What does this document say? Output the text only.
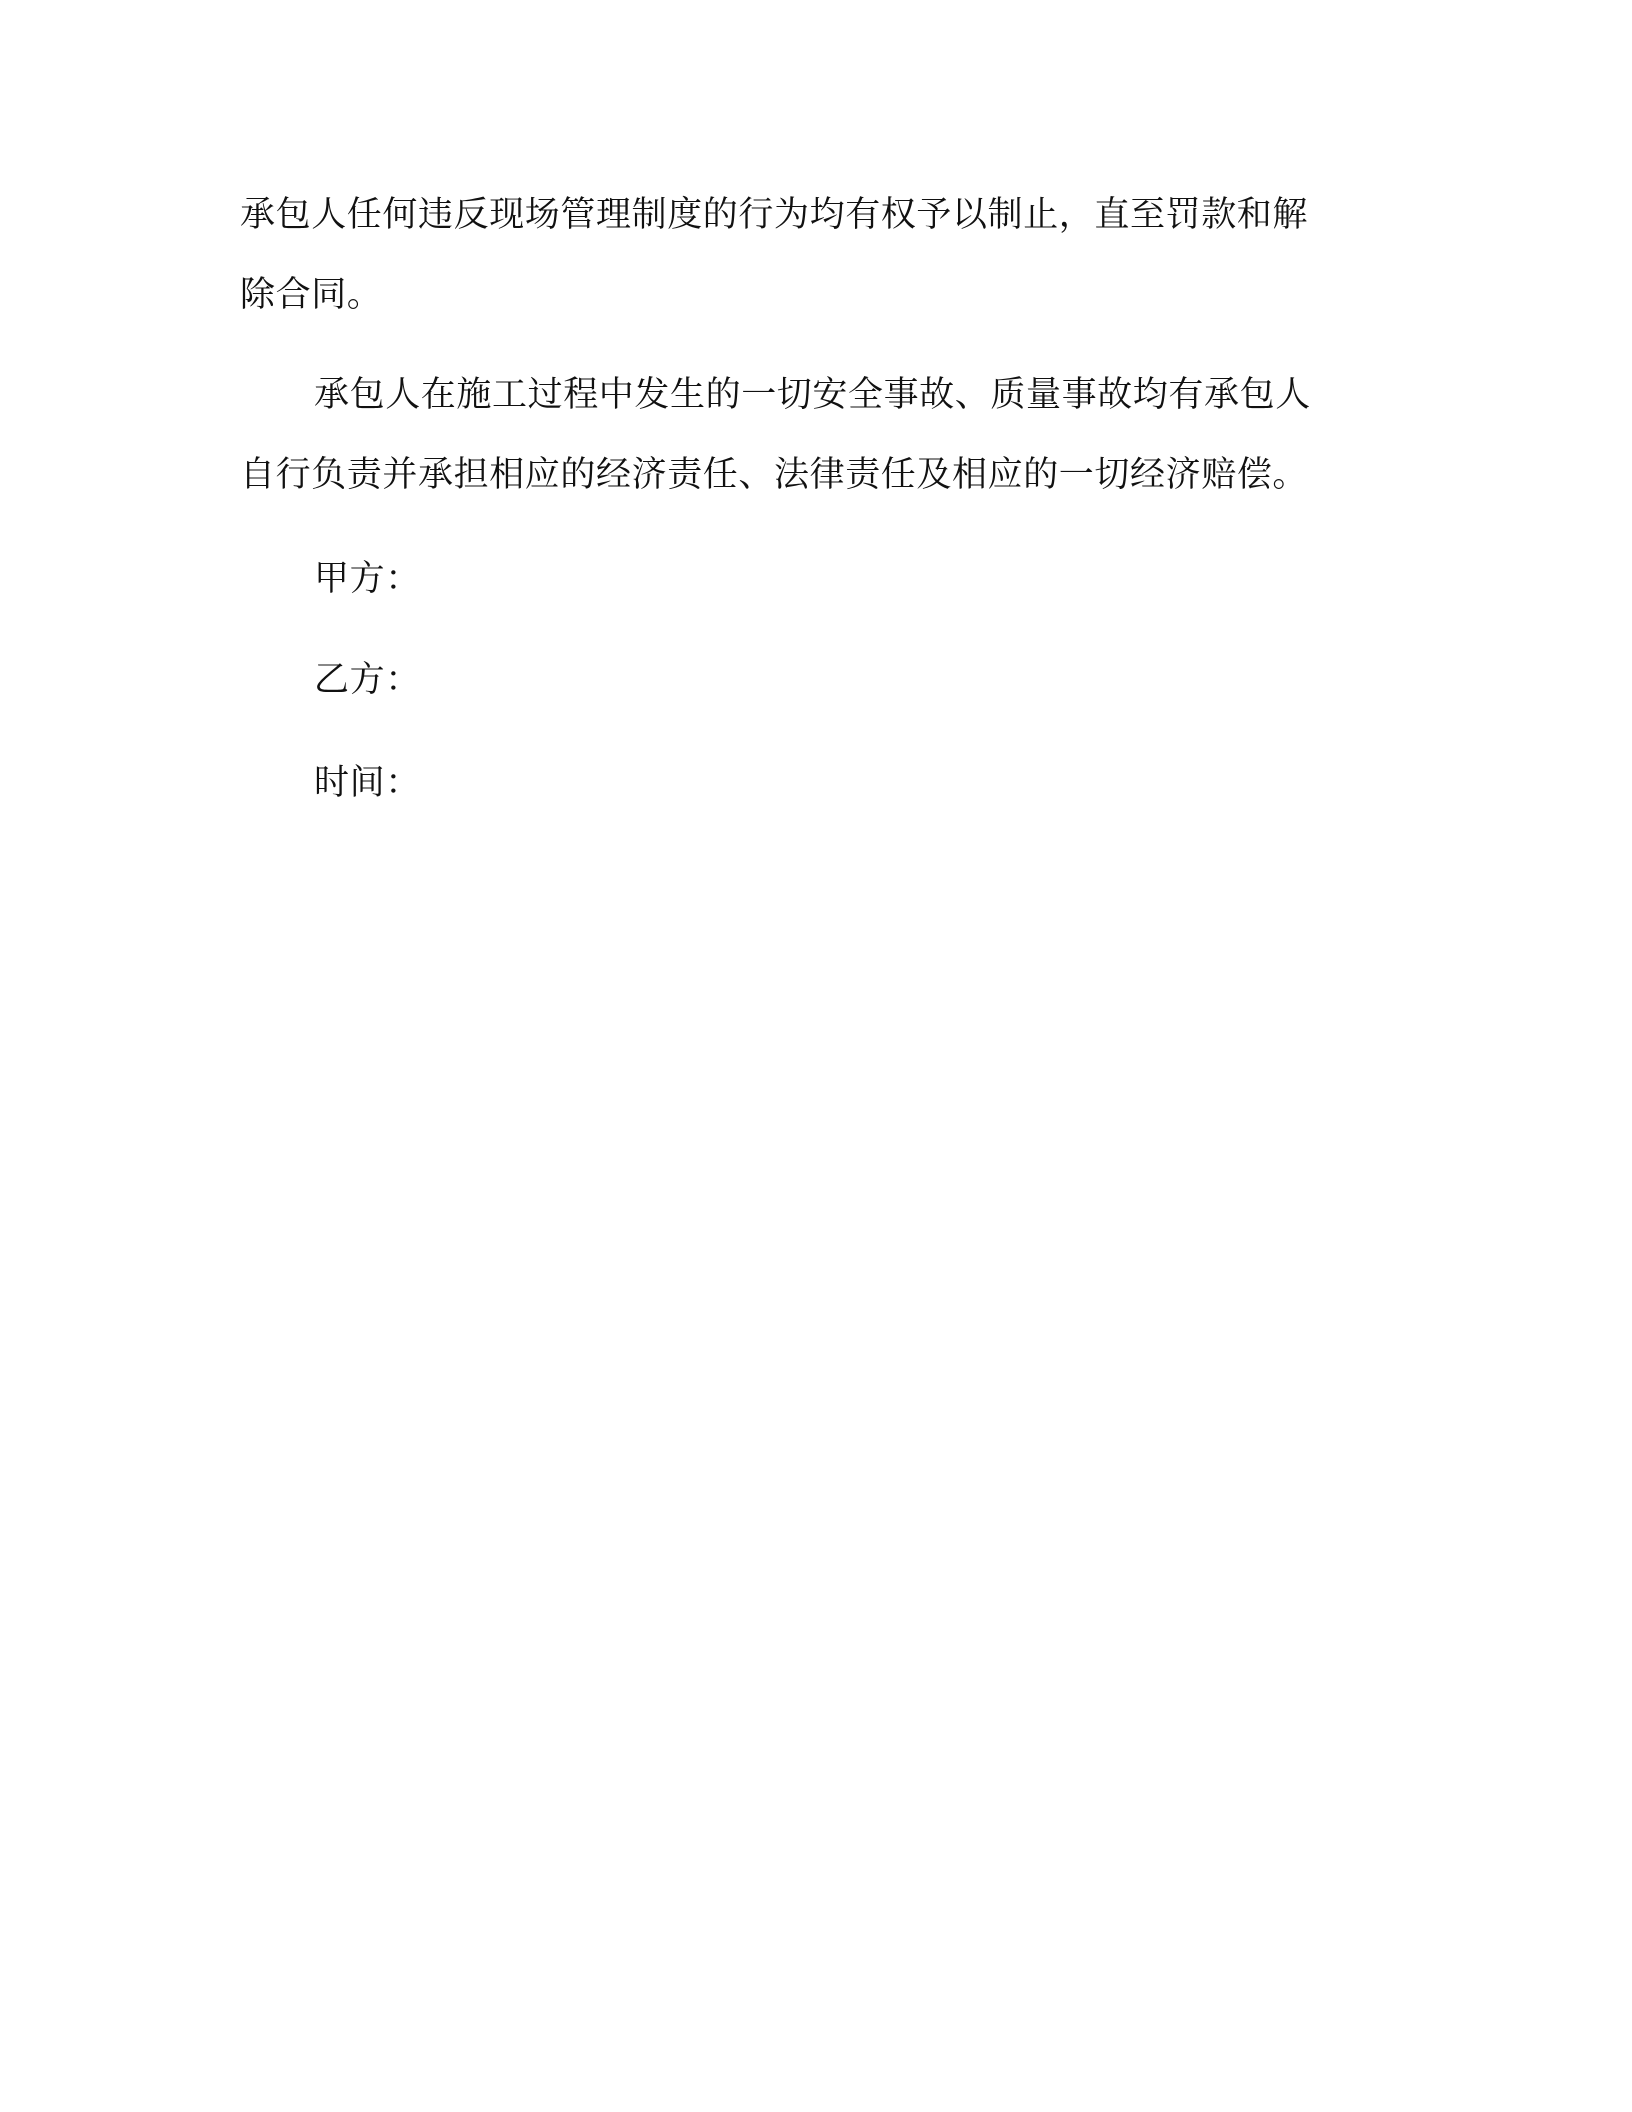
承包人任何违反现场管理制度的行为均有权予以制止，直至罚款和解
除合同。
承包人在施工过程中发生的一切安全事故、质量事故均有承包人
自行负责并承担相应的经济责任、法律责任及相应的一切经济赔偿。
甲方：
乙方：
时间：
